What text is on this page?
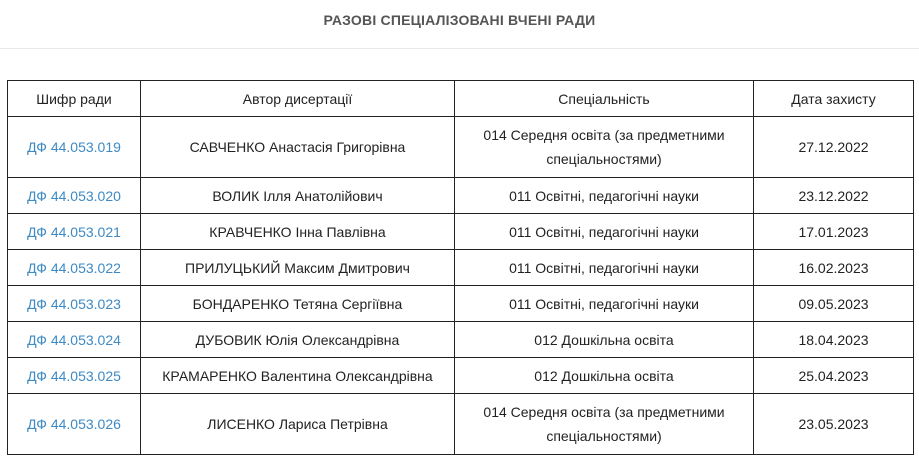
РАЗОВІ СПЕЦІАЛІЗОВАНІ ВЧЕНІ РАДИ
Шифр ради	Автор дисертації	Спеціальність	Дата захисту
ДФ 44.053.019	САВЧЕНКО Анастасія Григорівна	014 Середня освіта (за предметними спеціальностями)	27.12.2022
ДФ 44.053.020	ВОЛИК Ілля Анатолійович	011 Освітні, педагогічні науки	23.12.2022
ДФ 44.053.021	КРАВЧЕНКО Інна Павлівна	011 Освітні, педагогічні науки	17.01.2023
ДФ 44.053.022	ПРИЛУЦЬКИЙ Максим Дмитрович	011 Освітні, педагогічні науки	16.02.2023
ДФ 44.053.023	БОНДАРЕНКО Тетяна Сергіївна	011 Освітні, педагогічні науки	09.05.2023
ДФ 44.053.024	ДУБОВИК Юлія Олександрівна	012 Дошкільна освіта	18.04.2023
ДФ 44.053.025	КРАМАРЕНКО Валентина Олександрівна	012 Дошкільна освіта	25.04.2023
ДФ 44.053.026	ЛИСЕНКО Лариса Петрівна	014 Середня освіта (за предметними спеціальностями)	23.05.2023
